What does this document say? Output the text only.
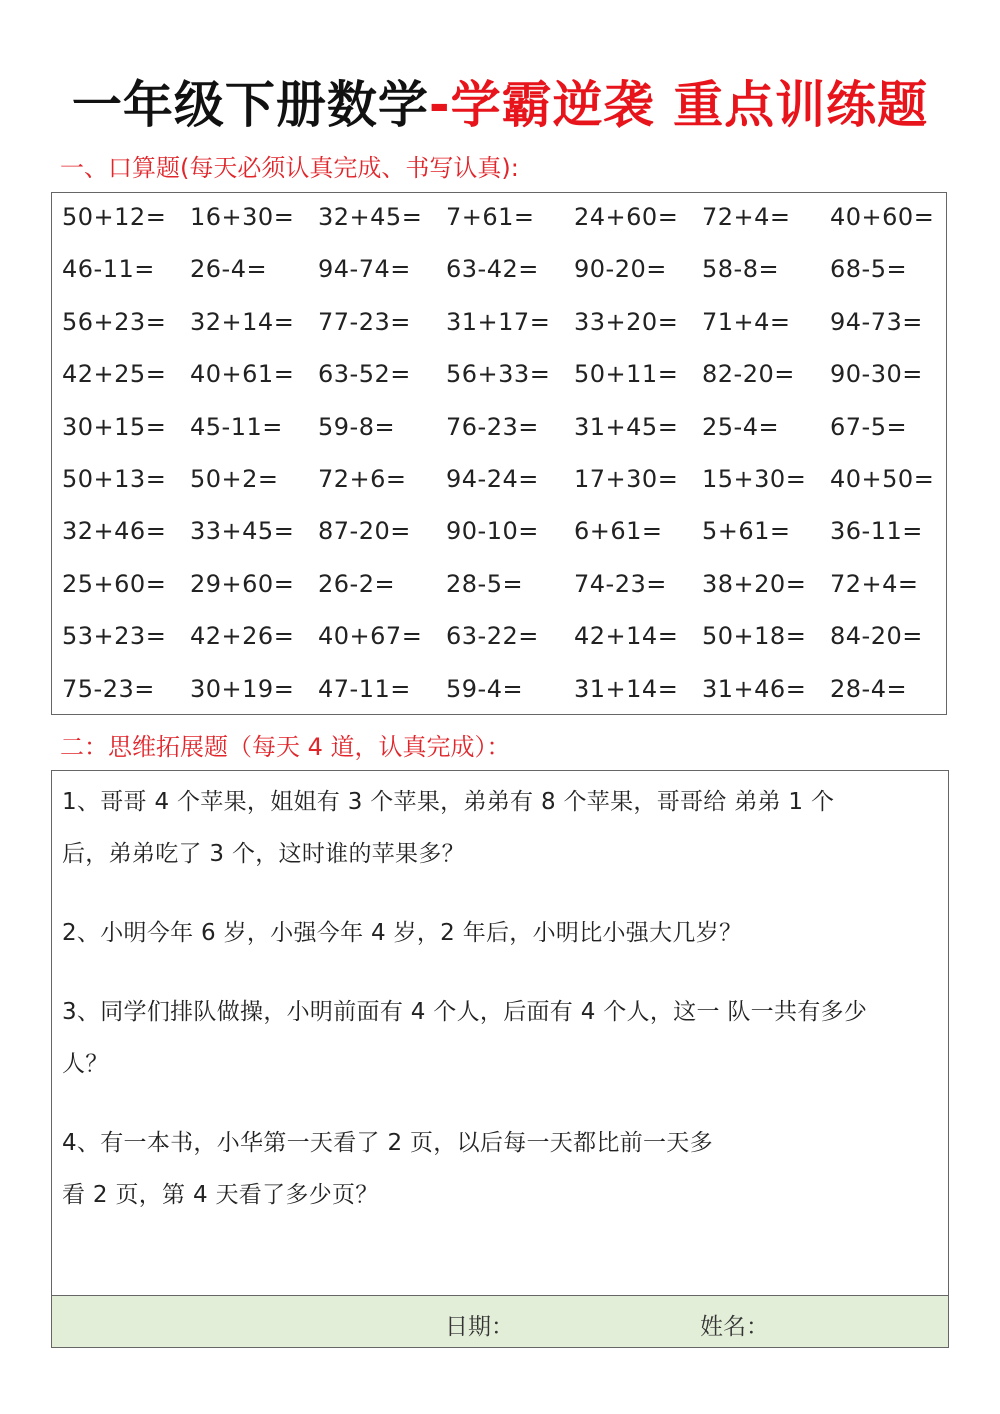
一年级下册数学-学霸逆袭 重点训练题
一、口算题(每天必须认真完成、书写认真):
50+12= 16+30= 32+45= 7+61= 24+60= 72+4= 40+60=
46-11= 26-4= 94-74= 63-42= 90-20= 58-8= 68-5=
56+23= 32+14= 77-23= 31+17= 33+20= 71+4= 94-73=
42+25= 40+61= 63-52= 56+33= 50+11= 82-20= 90-30=
30+15= 45-11= 59-8= 76-23= 31+45= 25-4= 67-5=
50+13= 50+2= 72+6= 94-24= 17+30= 15+30= 40+50=
32+46= 33+45= 87-20= 90-10= 6+61= 5+61= 36-11=
25+60= 29+60= 26-2= 28-5= 74-23= 38+20= 72+4=
53+23= 42+26= 40+67= 63-22= 42+14= 50+18= 84-20=
75-23= 30+19= 47-11= 59-4= 31+14= 31+46= 28-4=
二：思维拓展题（每天 4 道，认真完成）：
1、哥哥 4 个苹果，姐姐有 3 个苹果，弟弟有 8 个苹果，哥哥给 弟弟 1 个
后，弟弟吃了 3 个，这时谁的苹果多？
2、小明今年 6 岁，小强今年 4 岁，2 年后，小明比小强大几岁？
3、同学们排队做操，小明前面有 4 个人，后面有 4 个人，这一 队一共有多少
人？
4、有一本书，小华第一天看了 2 页，以后每一天都比前一天多
看 2 页，第 4 天看了多少页？
日期：	姓名：
